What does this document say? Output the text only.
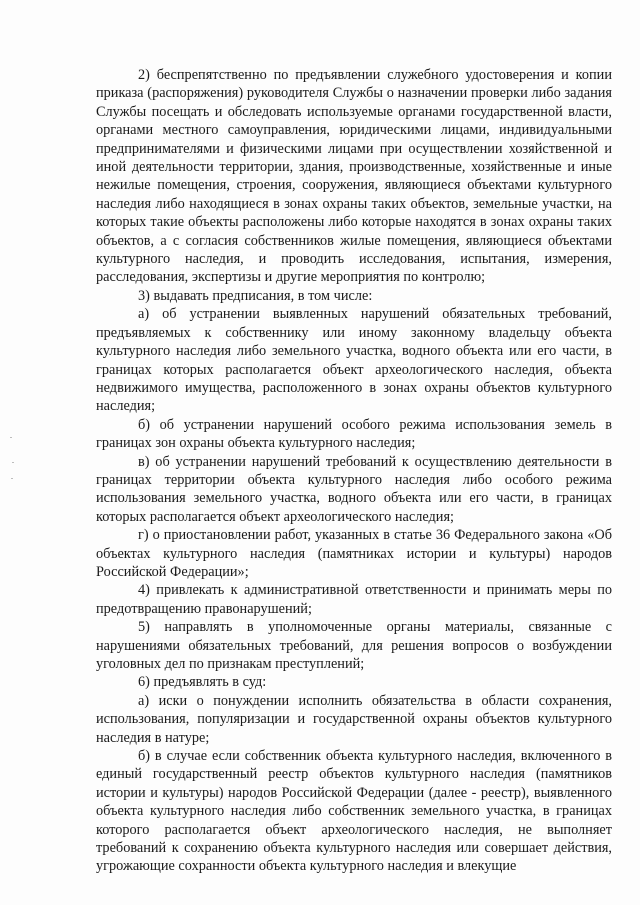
2) беспрепятственно по предъявлении служебного удостоверения и копии приказа (распоряжения) руководителя Службы о назначении проверки либо задания Службы посещать и обследовать используемые органами государственной власти, органами местного самоуправления, юридическими лицами, индивидуальными предпринимателями и физическими лицами при осуществлении хозяйственной и иной деятельности территории, здания, производственные, хозяйственные и иные нежилые помещения, строения, сооружения, являющиеся объектами культурного наследия либо находящиеся в зонах охраны таких объектов, земельные участки, на которых такие объекты расположены либо которые находятся в зонах охраны таких объектов, а с согласия собственников жилые помещения, являющиеся объектами культурного наследия, и проводить исследования, испытания, измерения, расследования, экспертизы и другие мероприятия по контролю;

3) выдавать предписания, в том числе:

а) об устранении выявленных нарушений обязательных требований, предъявляемых к собственнику или иному законному владельцу объекта культурного наследия либо земельного участка, водного объекта или его части, в границах которых располагается объект археологического наследия, объекта недвижимого имущества, расположенного в зонах охраны объектов культурного наследия;

б) об устранении нарушений особого режима использования земель в границах зон охраны объекта культурного наследия;

в) об устранении нарушений требований к осуществлению деятельности в границах территории объекта культурного наследия либо особого режима использования земельного участка, водного объекта или его части, в границах которых располагается объект археологического наследия;

г) о приостановлении работ, указанных в статье 36 Федерального закона «Об объектах культурного наследия (памятниках истории и культуры) народов Российской Федерации»;

4) привлекать к административной ответственности и принимать меры по предотвращению правонарушений;

5) направлять в уполномоченные органы материалы, связанные с нарушениями обязательных требований, для решения вопросов о возбуждении уголовных дел по признакам преступлений;

6) предъявлять в суд:

а) иски о понуждении исполнить обязательства в области сохранения, использования, популяризации и государственной охраны объектов культурного наследия в натуре;

б) в случае если собственник объекта культурного наследия, включенного в единый государственный реестр объектов культурного наследия (памятников истории и культуры) народов Российской Федерации (далее - реестр), выявленного объекта культурного наследия либо собственник земельного участка, в границах которого располагается объект археологического наследия, не выполняет требований к сохранению объекта культурного наследия или совершает действия, угрожающие сохранности объекта культурного наследия и влекущие
